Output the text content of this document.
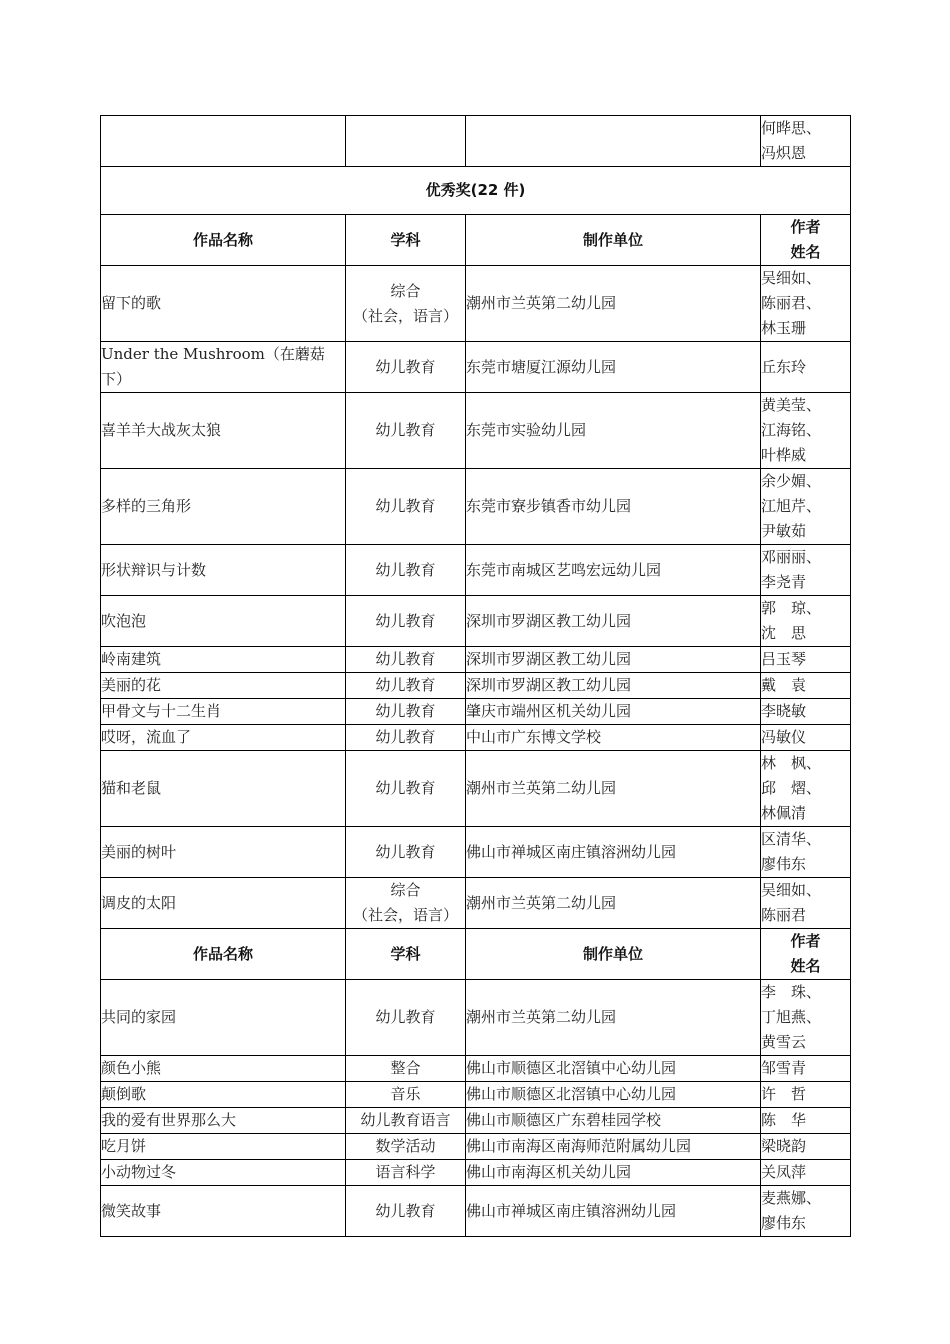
			何晔思、
冯炽恩

优秀奖(22 件)			
作品名称	学科	制作单位	作者
姓名

留下的歌	综合
（社会，语言）	潮州市兰英第二幼儿园	吴细如、
陈丽君、
林玉珊

Under the Mushroom（在蘑菇下）	幼儿教育	东莞市塘厦江源幼儿园	丘东玲

喜羊羊大战灰太狼	幼儿教育	东莞市实验幼儿园	黄美莹、
江海铭、
叶桦威

多样的三角形	幼儿教育	东莞市寮步镇香市幼儿园	余少媚、
江旭芹、
尹敏茹

形状辩识与计数	幼儿教育	东莞市南城区艺鸣宏远幼儿园	邓丽丽、
李尧青

吹泡泡	幼儿教育	深圳市罗湖区教工幼儿园	郭　琼、
沈　思

岭南建筑	幼儿教育	深圳市罗湖区教工幼儿园	吕玉琴

美丽的花	幼儿教育	深圳市罗湖区教工幼儿园	戴　袁

甲骨文与十二生肖	幼儿教育	肇庆市端州区机关幼儿园	李晓敏

哎呀，流血了	幼儿教育	中山市广东博文学校	冯敏仪

猫和老鼠	幼儿教育	潮州市兰英第二幼儿园	林　枫、
邱　熠、
林佩清

美丽的树叶	幼儿教育	佛山市禅城区南庄镇溶洲幼儿园	区清华、
廖伟东

调皮的太阳	综合
（社会，语言）	潮州市兰英第二幼儿园	吴细如、
陈丽君

作品名称	学科	制作单位	作者
姓名

共同的家园	幼儿教育	潮州市兰英第二幼儿园	李　珠、
丁旭燕、
黄雪云

颜色小熊	整合	佛山市顺德区北滘镇中心幼儿园	邹雪青

颠倒歌	音乐	佛山市顺德区北滘镇中心幼儿园	许　哲

我的爱有世界那么大	幼儿教育语言	佛山市顺德区广东碧桂园学校	陈　华

吃月饼	数学活动	佛山市南海区南海师范附属幼儿园	梁晓韵

小动物过冬	语言科学	佛山市南海区机关幼儿园	关凤萍

微笑故事	幼儿教育	佛山市禅城区南庄镇溶洲幼儿园	麦燕娜、
廖伟东
